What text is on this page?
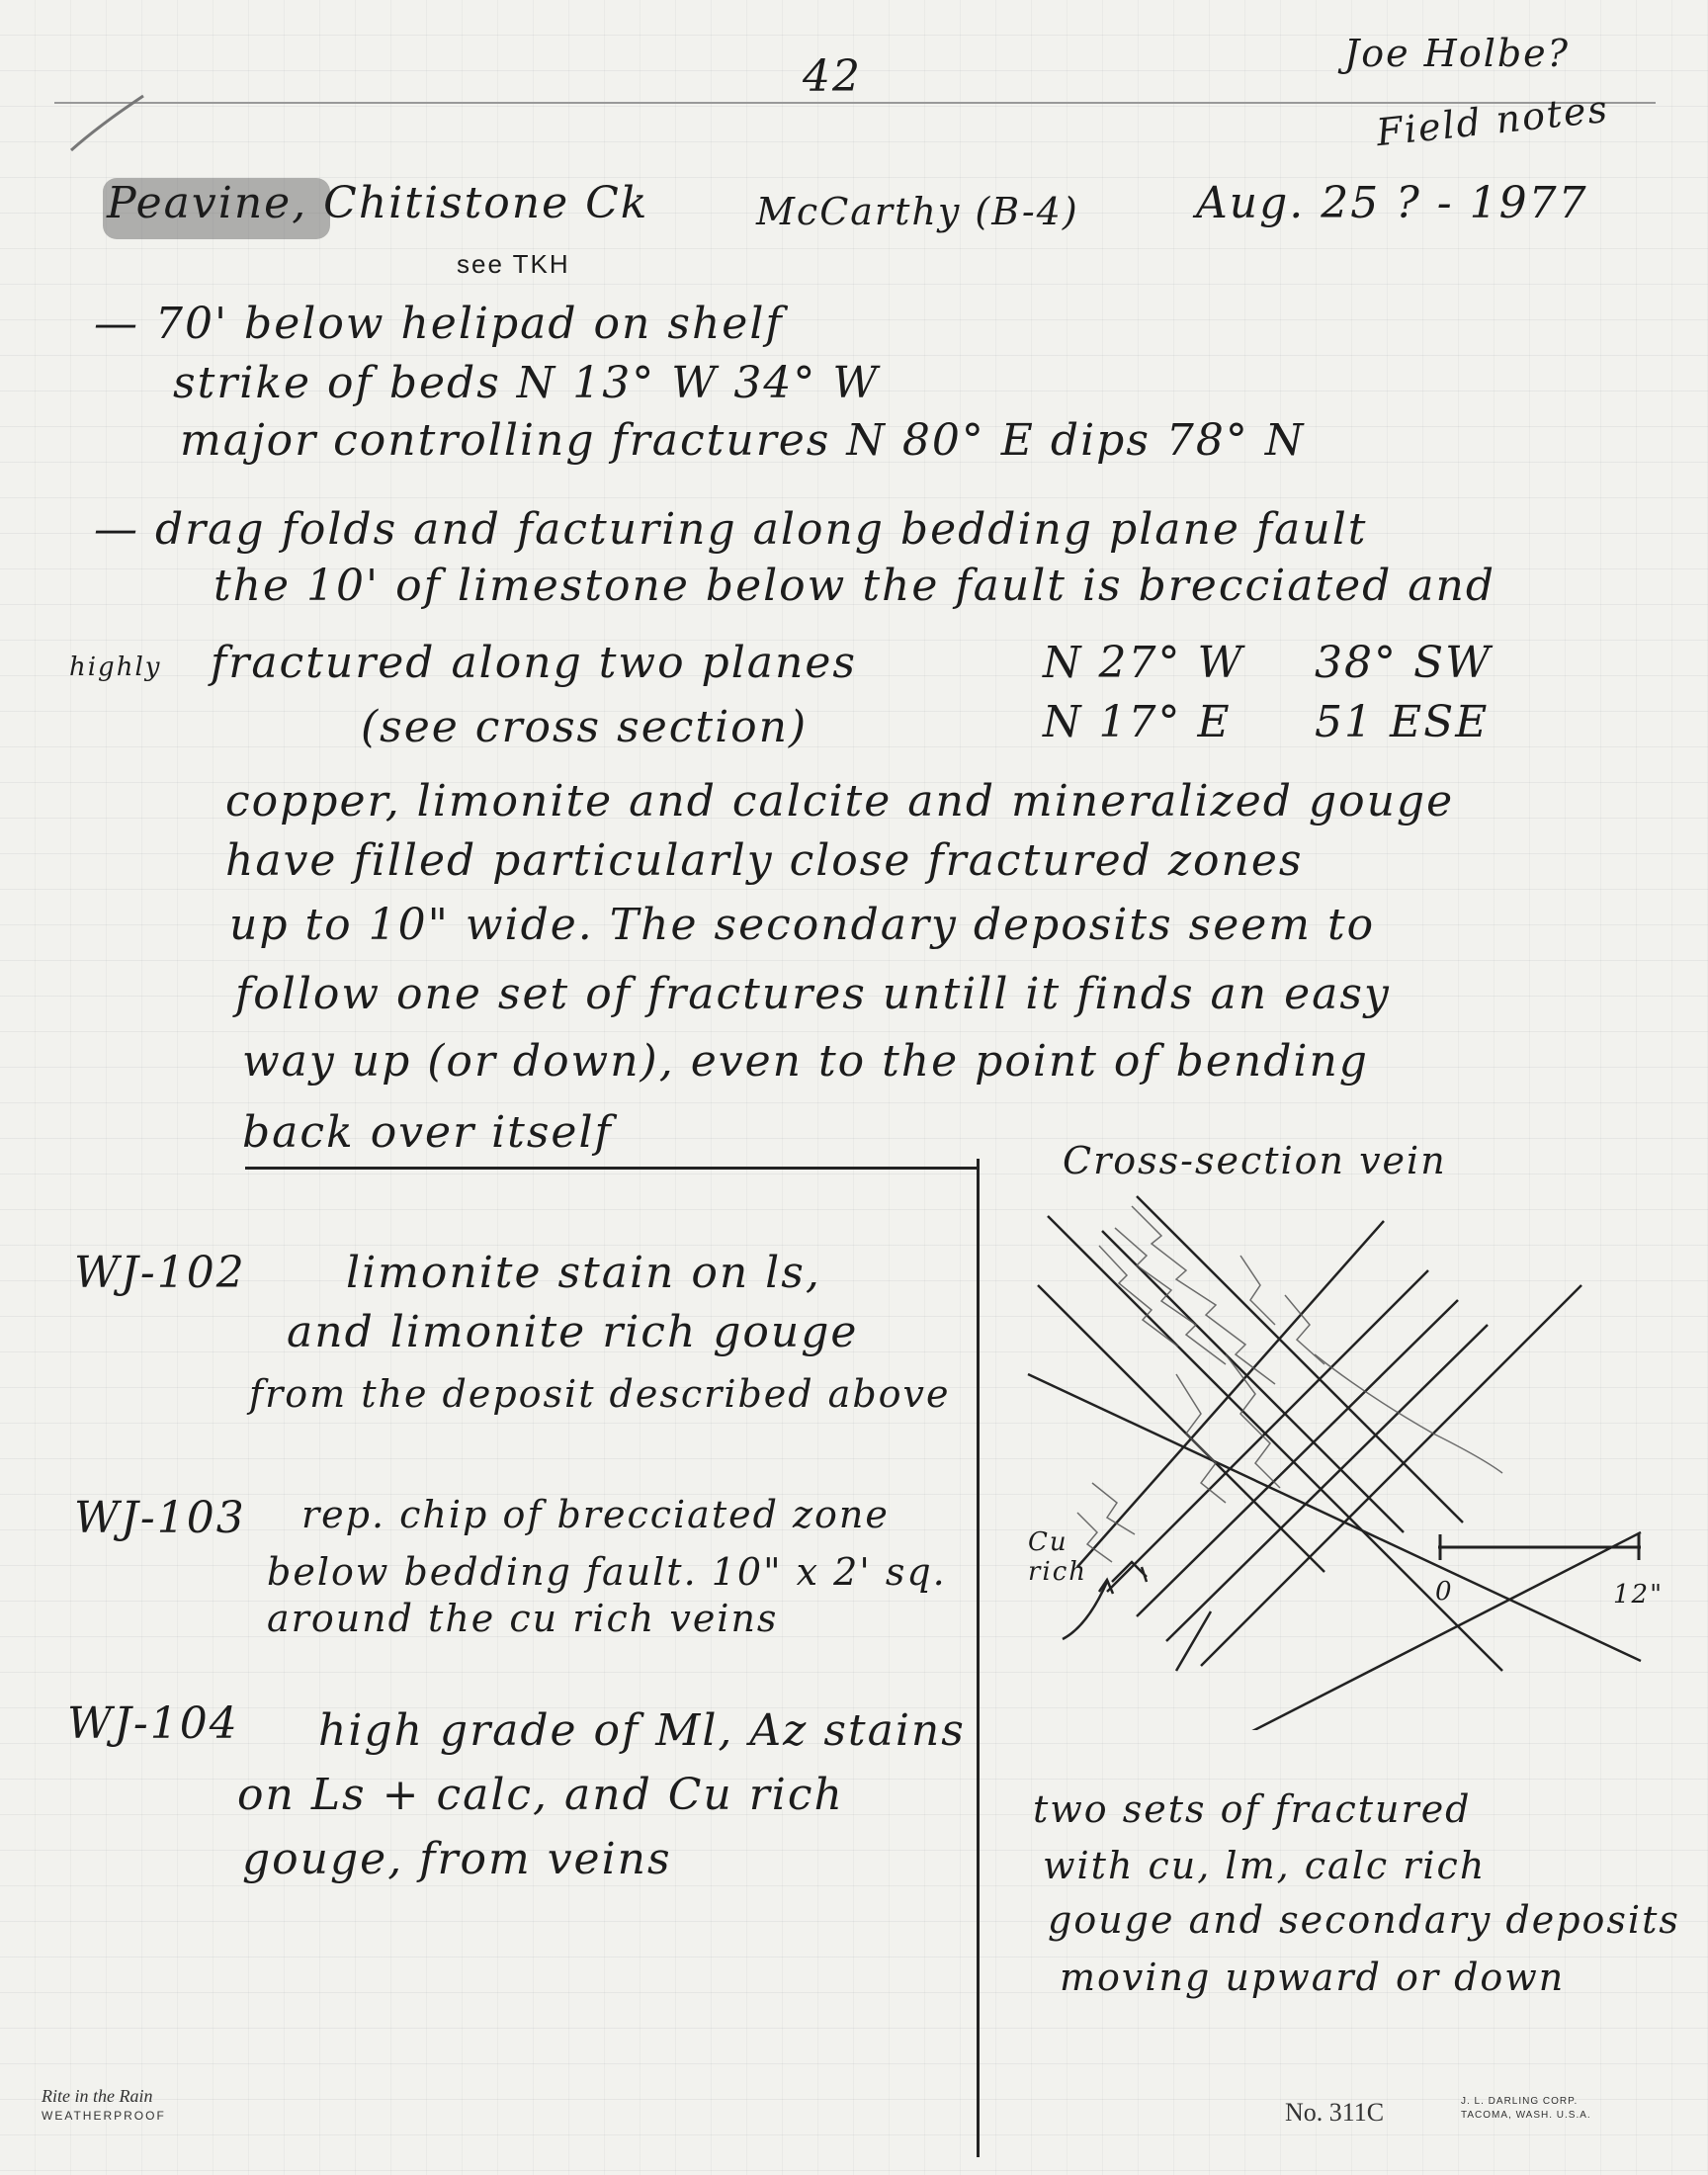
42	Joe Holbe?
Field notes
Peavine, Chitistone Ck	McCarthy (B-4)	Aug. 25 ? - 1977
see TKH
— 70' below helipad on shelf
strike of beds N 13° W 34° W
major controlling fractures N 80° E dips 78° N
— drag folds and facturing along bedding plane fault
the 10' of limestone below the fault is brecciated and
highly fractured along two planes	N 27° W 38° SW
(see cross section)	N 17° E 51 ESE
copper, limonite and calcite and mineralized gouge
have filled particularly close fractured zones
up to 10" wide. The secondary deposits seem to
follow one set of fractures untill it finds an easy
way up (or down), even to the point of bending
back over itself
WJ-102 limonite stain on ls,
and limonite rich gouge
from the deposit described above
WJ-103 rep. chip of brecciated zone
below bedding fault. 10" x 2' sq.
around the cu rich veins
WJ-104 high grade of Ml, Az stains
on Ls + calc, and Cu rich
gouge, from veins
Cross-section vein
Cu
rich
0	12"
two sets of fractured
with cu, lm, calc rich
gouge and secondary deposits
moving upward or down
Rite in the Rain
WEATHERPROOF	No. 311C	J. L. DARLING CORP.
TACOMA, WASH. U.S.A.
